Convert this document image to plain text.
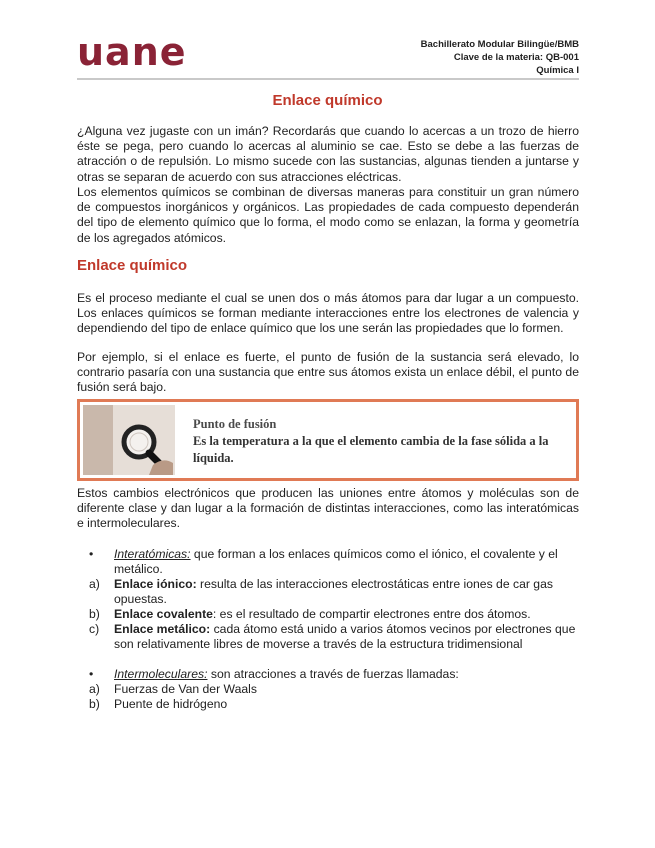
uane	Bachillerato Modular Bilingüe/BMB
Clave de la materia: QB-001
Química I
Enlace químico

¿Alguna vez jugaste con un imán? Recordarás que cuando lo acercas a un trozo de hierro éste se pega, pero cuando lo acercas al aluminio se cae. Esto se debe a las fuerzas de atracción o de repulsión. Lo mismo sucede con las sustancias, algunas tienden a juntarse y otras se separan de acuerdo con sus atracciones eléctricas.

Los elementos químicos se combinan de diversas maneras para constituir un gran número de compuestos inorgánicos y orgánicos. Las propiedades de cada compuesto dependerán del tipo de elemento químico que lo forma, el modo como se enlazan, la forma y geometría de los agregados atómicos.

Enlace químico

Es el proceso mediante el cual se unen dos o más átomos para dar lugar a un compuesto. Los enlaces químicos se forman mediante interacciones entre los electrones de valencia y dependiendo del tipo de enlace químico que los une serán las propiedades que lo formen.

Por ejemplo, si el enlace es fuerte, el punto de fusión de la sustancia será elevado, lo contrario pasaría con una sustancia que entre sus átomos exista un enlace débil, el punto de fusión será bajo.

Punto de fusión
Es la temperatura a la que el elemento cambia de la fase sólida a la líquida.

Estos cambios electrónicos que producen las uniones entre átomos y moléculas son de diferente clase y dan lugar a la formación de distintas interacciones, como las interatómicas e intermoleculares.

• Interatómicas: que forman a los enlaces químicos como el iónico, el covalente y el metálico.
a) Enlace iónico: resulta de las interacciones electrostáticas entre iones de car gas opuestas.
b) Enlace covalente: es el resultado de compartir electrones entre dos átomos.
c) Enlace metálico: cada átomo está unido a varios átomos vecinos por electrones que son relativamente libres de moverse a través de la estructura tridimensional
• Intermoleculares: son atracciones a través de fuerzas llamadas:
a) Fuerzas de Van der Waals
b) Puente de hidrógeno
